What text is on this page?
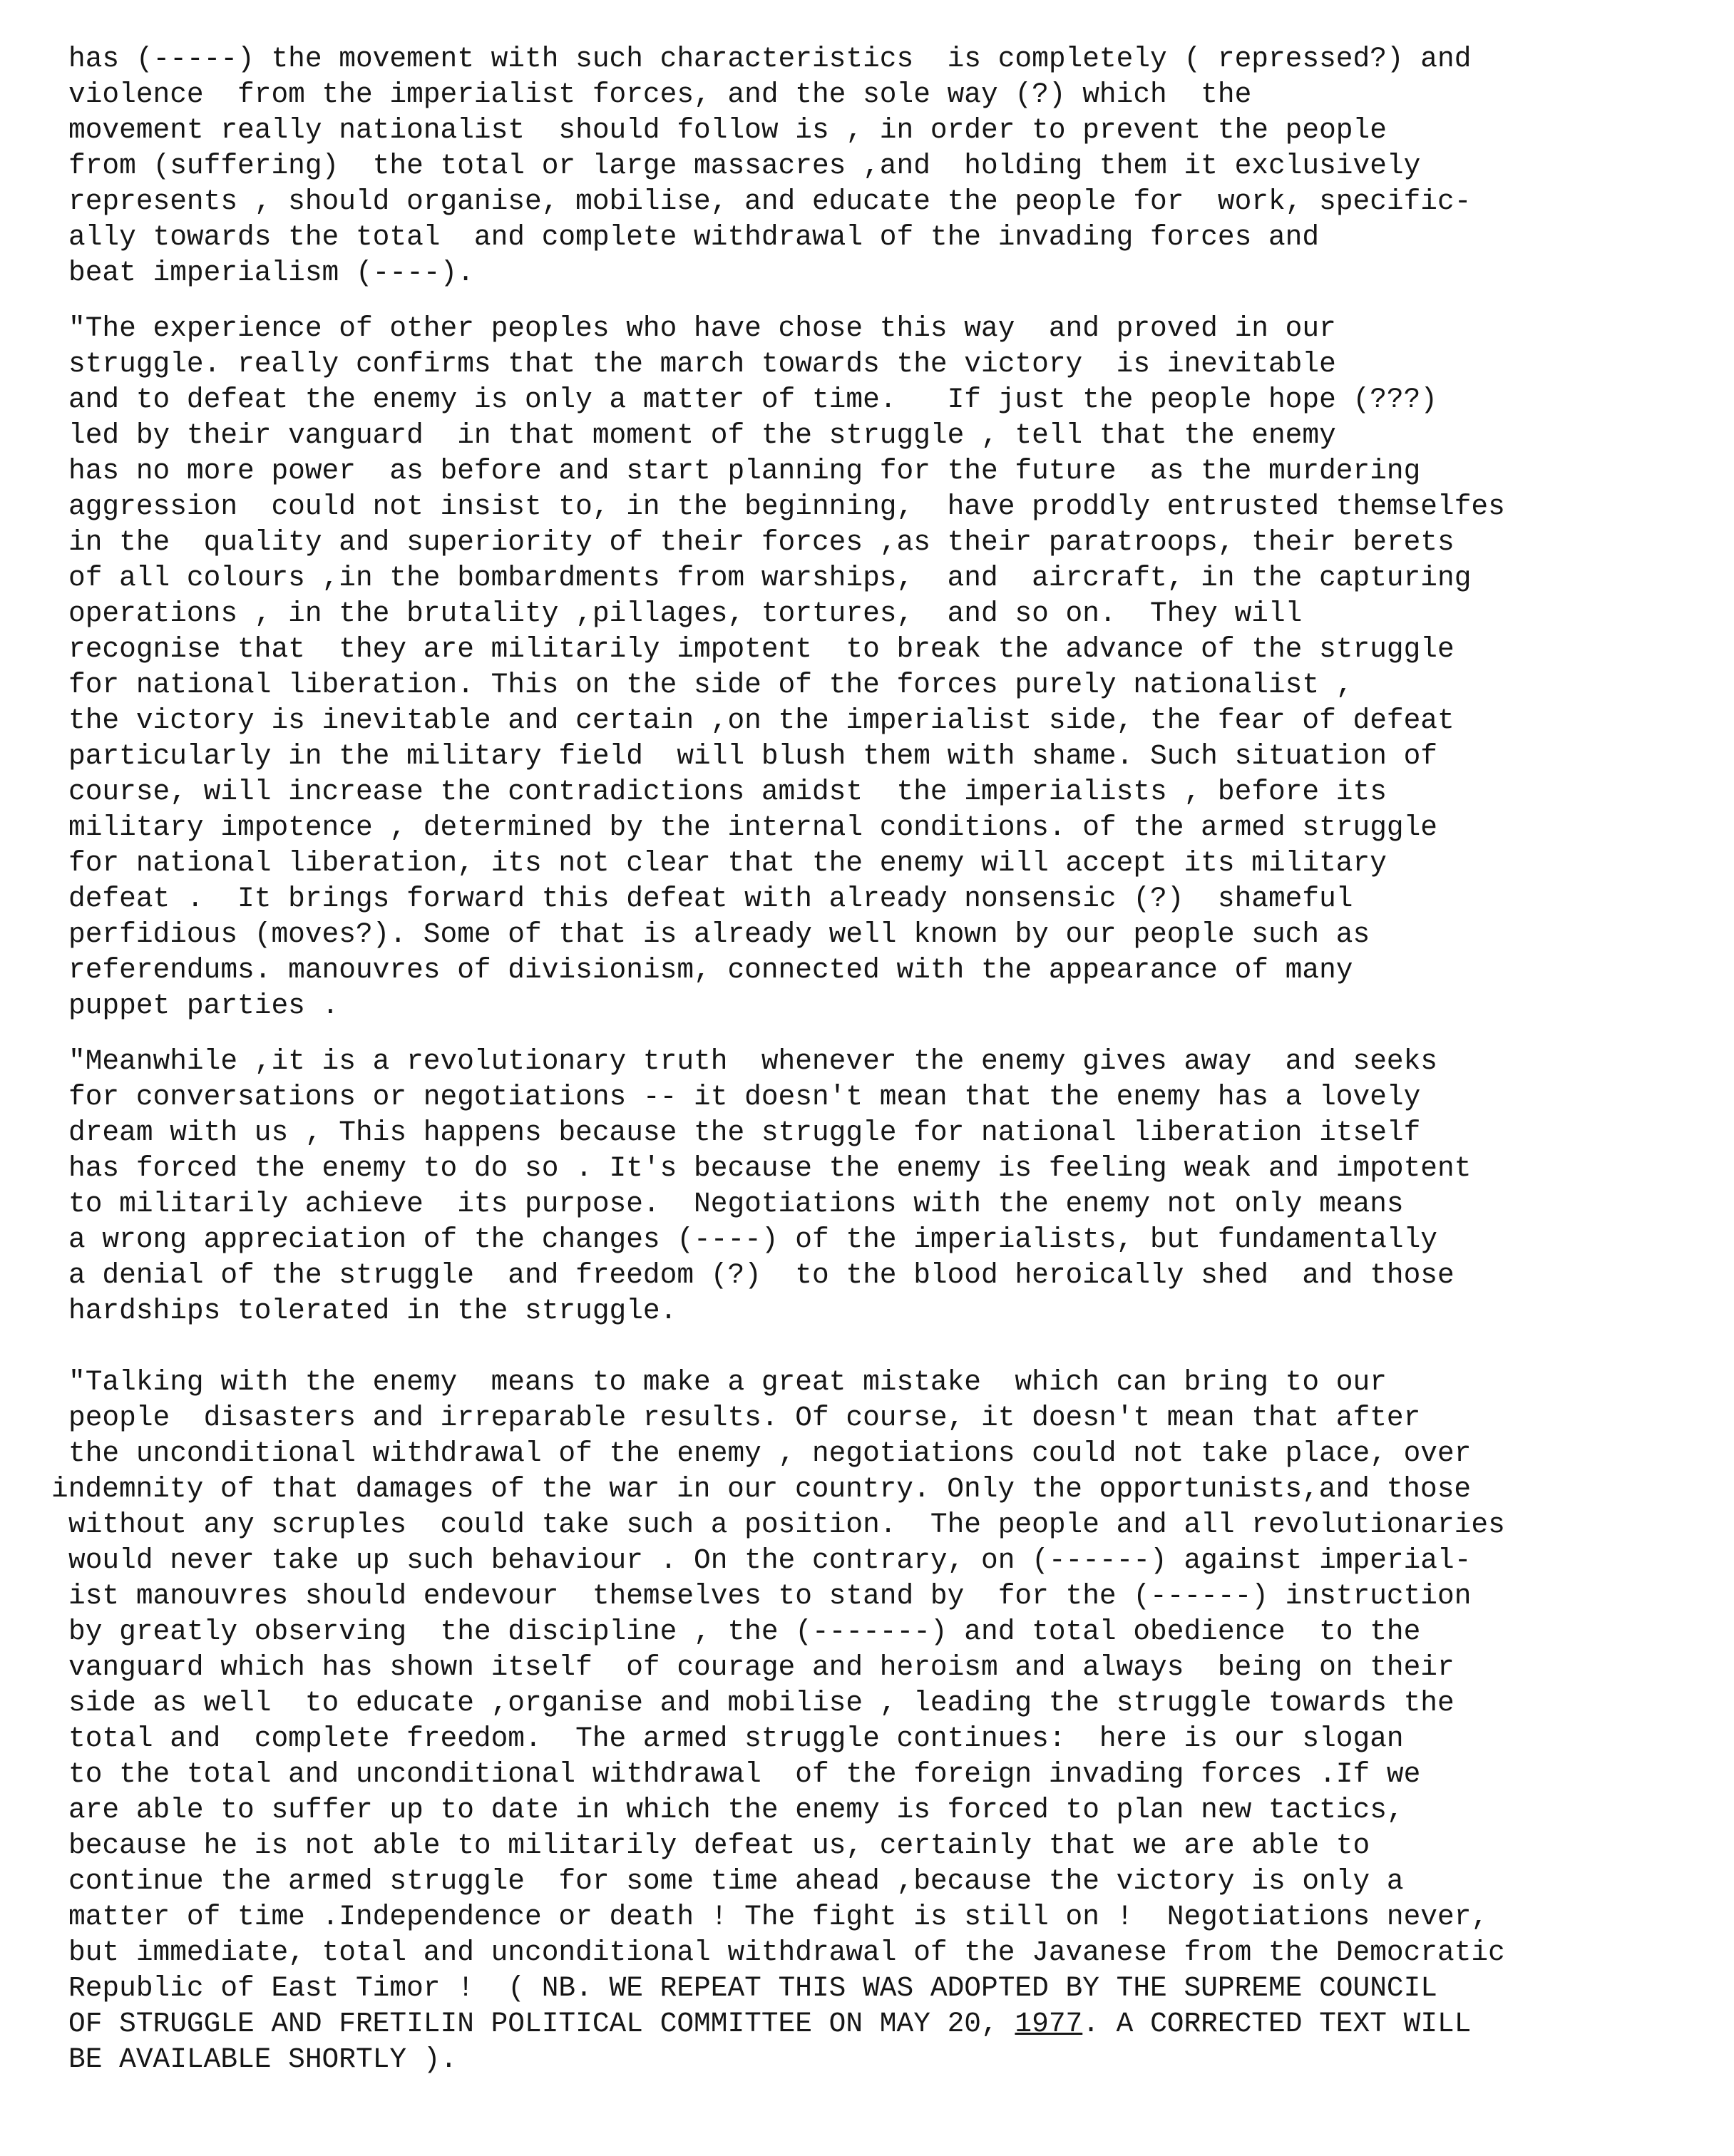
has (-----) the movement with such characteristics  is completely ( repressed?) and
violence  from the imperialist forces, and the sole way (?) which  the
movement really nationalist  should follow is , in order to prevent the people
from (suffering)  the total or large massacres ,and  holding them it exclusively
represents , should organise, mobilise, and educate the people for  work, specific-
ally towards the total  and complete withdrawal of the invading forces and
beat imperialism (----).
"The experience of other peoples who have chose this way  and proved in our
struggle. really confirms that the march towards the victory  is inevitable
and to defeat the enemy is only a matter of time.   If just the people hope (???)
led by their vanguard  in that moment of the struggle , tell that the enemy
has no more power  as before and start planning for the future  as the murdering
aggression  could not insist to, in the beginning,  have proddly entrusted themselfes
in the  quality and superiority of their forces ,as their paratroops, their berets
of all colours ,in the bombardments from warships,  and  aircraft, in the capturing
operations , in the brutality ,pillages, tortures,  and so on.  They will
recognise that  they are militarily impotent  to break the advance of the struggle
for national liberation. This on the side of the forces purely nationalist ,
the victory is inevitable and certain ,on the imperialist side, the fear of defeat
particularly in the military field  will blush them with shame. Such situation of
course, will increase the contradictions amidst  the imperialists , before its
military impotence , determined by the internal conditions. of the armed struggle
for national liberation, its not clear that the enemy will accept its military
defeat .  It brings forward this defeat with already nonsensic (?)  shameful
perfidious (moves?). Some of that is already well known by our people such as
referendums. manouvres of divisionism, connected with the appearance of many
puppet parties .
"Meanwhile ,it is a revolutionary truth  whenever the enemy gives away  and seeks
for conversations or negotiations -- it doesn't mean that the enemy has a lovely
dream with us , This happens because the struggle for national liberation itself
has forced the enemy to do so . It's because the enemy is feeling weak and impotent
to militarily achieve  its purpose.  Negotiations with the enemy not only means
a wrong appreciation of the changes (----) of the imperialists, but fundamentally
a denial of the struggle  and freedom (?)  to the blood heroically shed  and those
hardships tolerated in the struggle.
"Talking with the enemy  means to make a great mistake  which can bring to our
people  disasters and irreparable results. Of course, it doesn't mean that after
the unconditional withdrawal of the enemy , negotiations could not take place, over
indemnity of that damages of the war in our country. Only the opportunists,and those
without any scruples  could take such a position.  The people and all revolutionaries
would never take up such behaviour . On the contrary, on (------) against imperial-
ist manouvres should endevour  themselves to stand by  for the (------) instruction
by greatly observing  the discipline , the (-------) and total obedience  to the
vanguard which has shown itself  of courage and heroism and always  being on their
side as well  to educate ,organise and mobilise , leading the struggle towards the
total and  complete freedom.  The armed struggle continues:  here is our slogan
to the total and unconditional withdrawal  of the foreign invading forces .If we
are able to suffer up to date in which the enemy is forced to plan new tactics,
because he is not able to militarily defeat us, certainly that we are able to
continue the armed struggle  for some time ahead ,because the victory is only a
matter of time .Independence or death ! The fight is still on !  Negotiations never,
but immediate, total and unconditional withdrawal of the Javanese from the Democratic
Republic of East Timor !  ( NB. WE REPEAT THIS WAS ADOPTED BY THE SUPREME COUNCIL
OF STRUGGLE AND FRETILIN POLITICAL COMMITTEE ON MAY 20, 1977. A CORRECTED TEXT WILL
BE AVAILABLE SHORTLY ).
